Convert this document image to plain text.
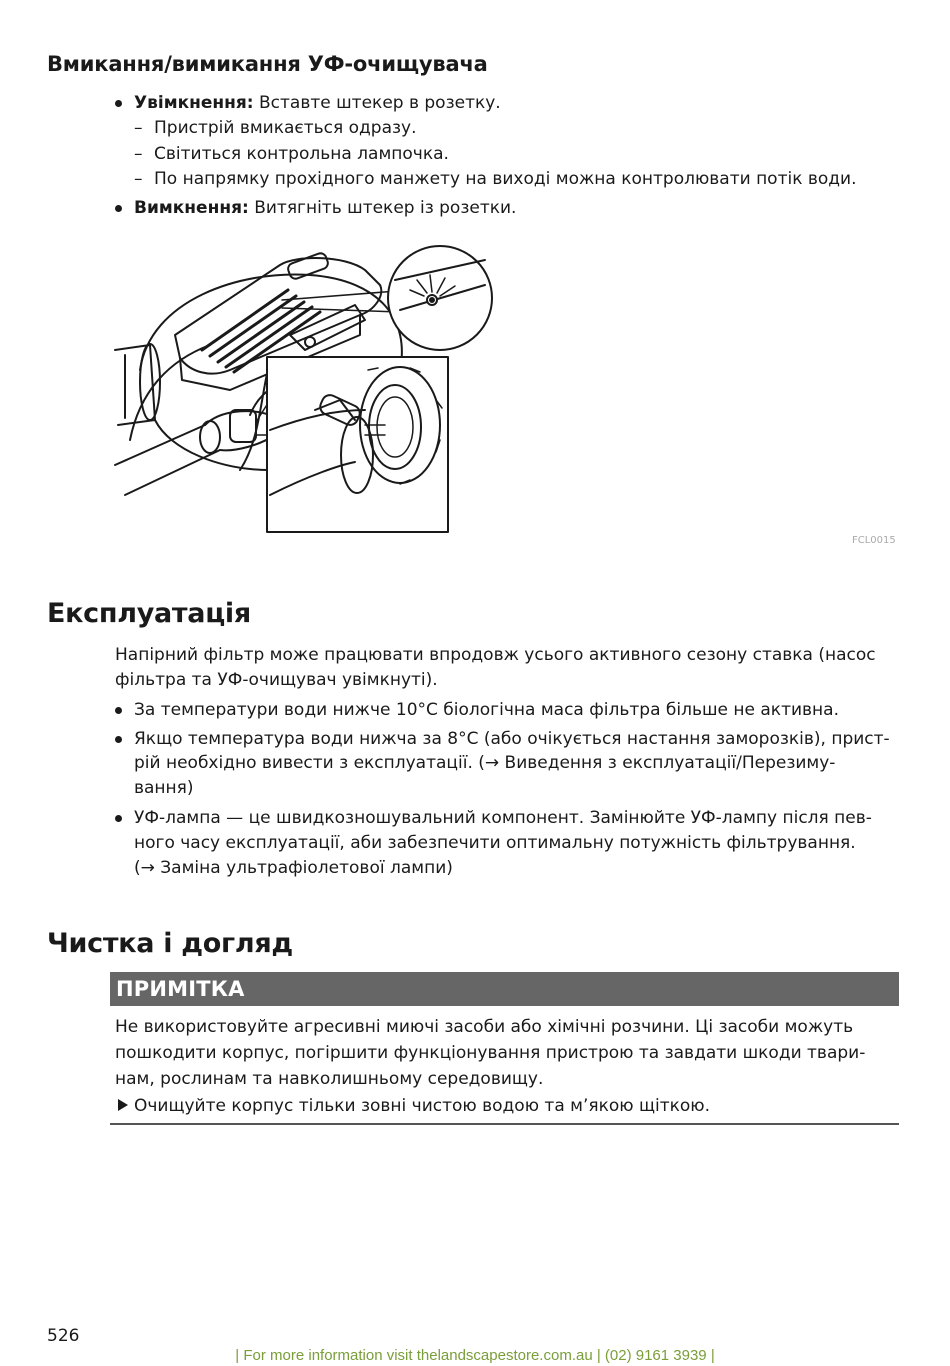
Вмикання/вимикання УФ-очищувача
Увімкнення: Вставте штекер в розетку.
– Пристрій вмикається одразу.
– Світиться контрольна лампочка.
– По напрямку прохідного манжету на виході можна контролювати потік води.
Вимкнення: Витягніть штекер із розетки.
FCL0015
Експлуатація
Напірний фільтр може працювати впродовж усього активного сезону ставка (насос
фільтра та УФ-очищувач увімкнуті).
За температури води нижче 10°C біологічна маса фільтра більше не активна.
Якщо температура води нижча за 8°C (або очікується настання заморозків), прист-
рій необхідно вивести з експлуатації. (→ Виведення з експлуатації/Перезиму-
вання)
УФ-лампа — це швидкозношувальний компонент. Замінюйте УФ-лампу після пев-
ного часу експлуатації, аби забезпечити оптимальну потужність фільтрування.
(→ Заміна ультрафіолетової лампи)
Чистка і догляд
ПРИМІТКА
Не використовуйте агресивні миючі засоби або хімічні розчини. Ці засоби можуть
пошкодити корпус, погіршити функціонування пристрою та завдати шкоди твари-
нам, рослинам та навколишньому середовищу.
Очищуйте корпус тільки зовні чистою водою та м’якою щіткою.
526
| For more information visit thelandscapestore.com.au | (02) 9161 3939 |
